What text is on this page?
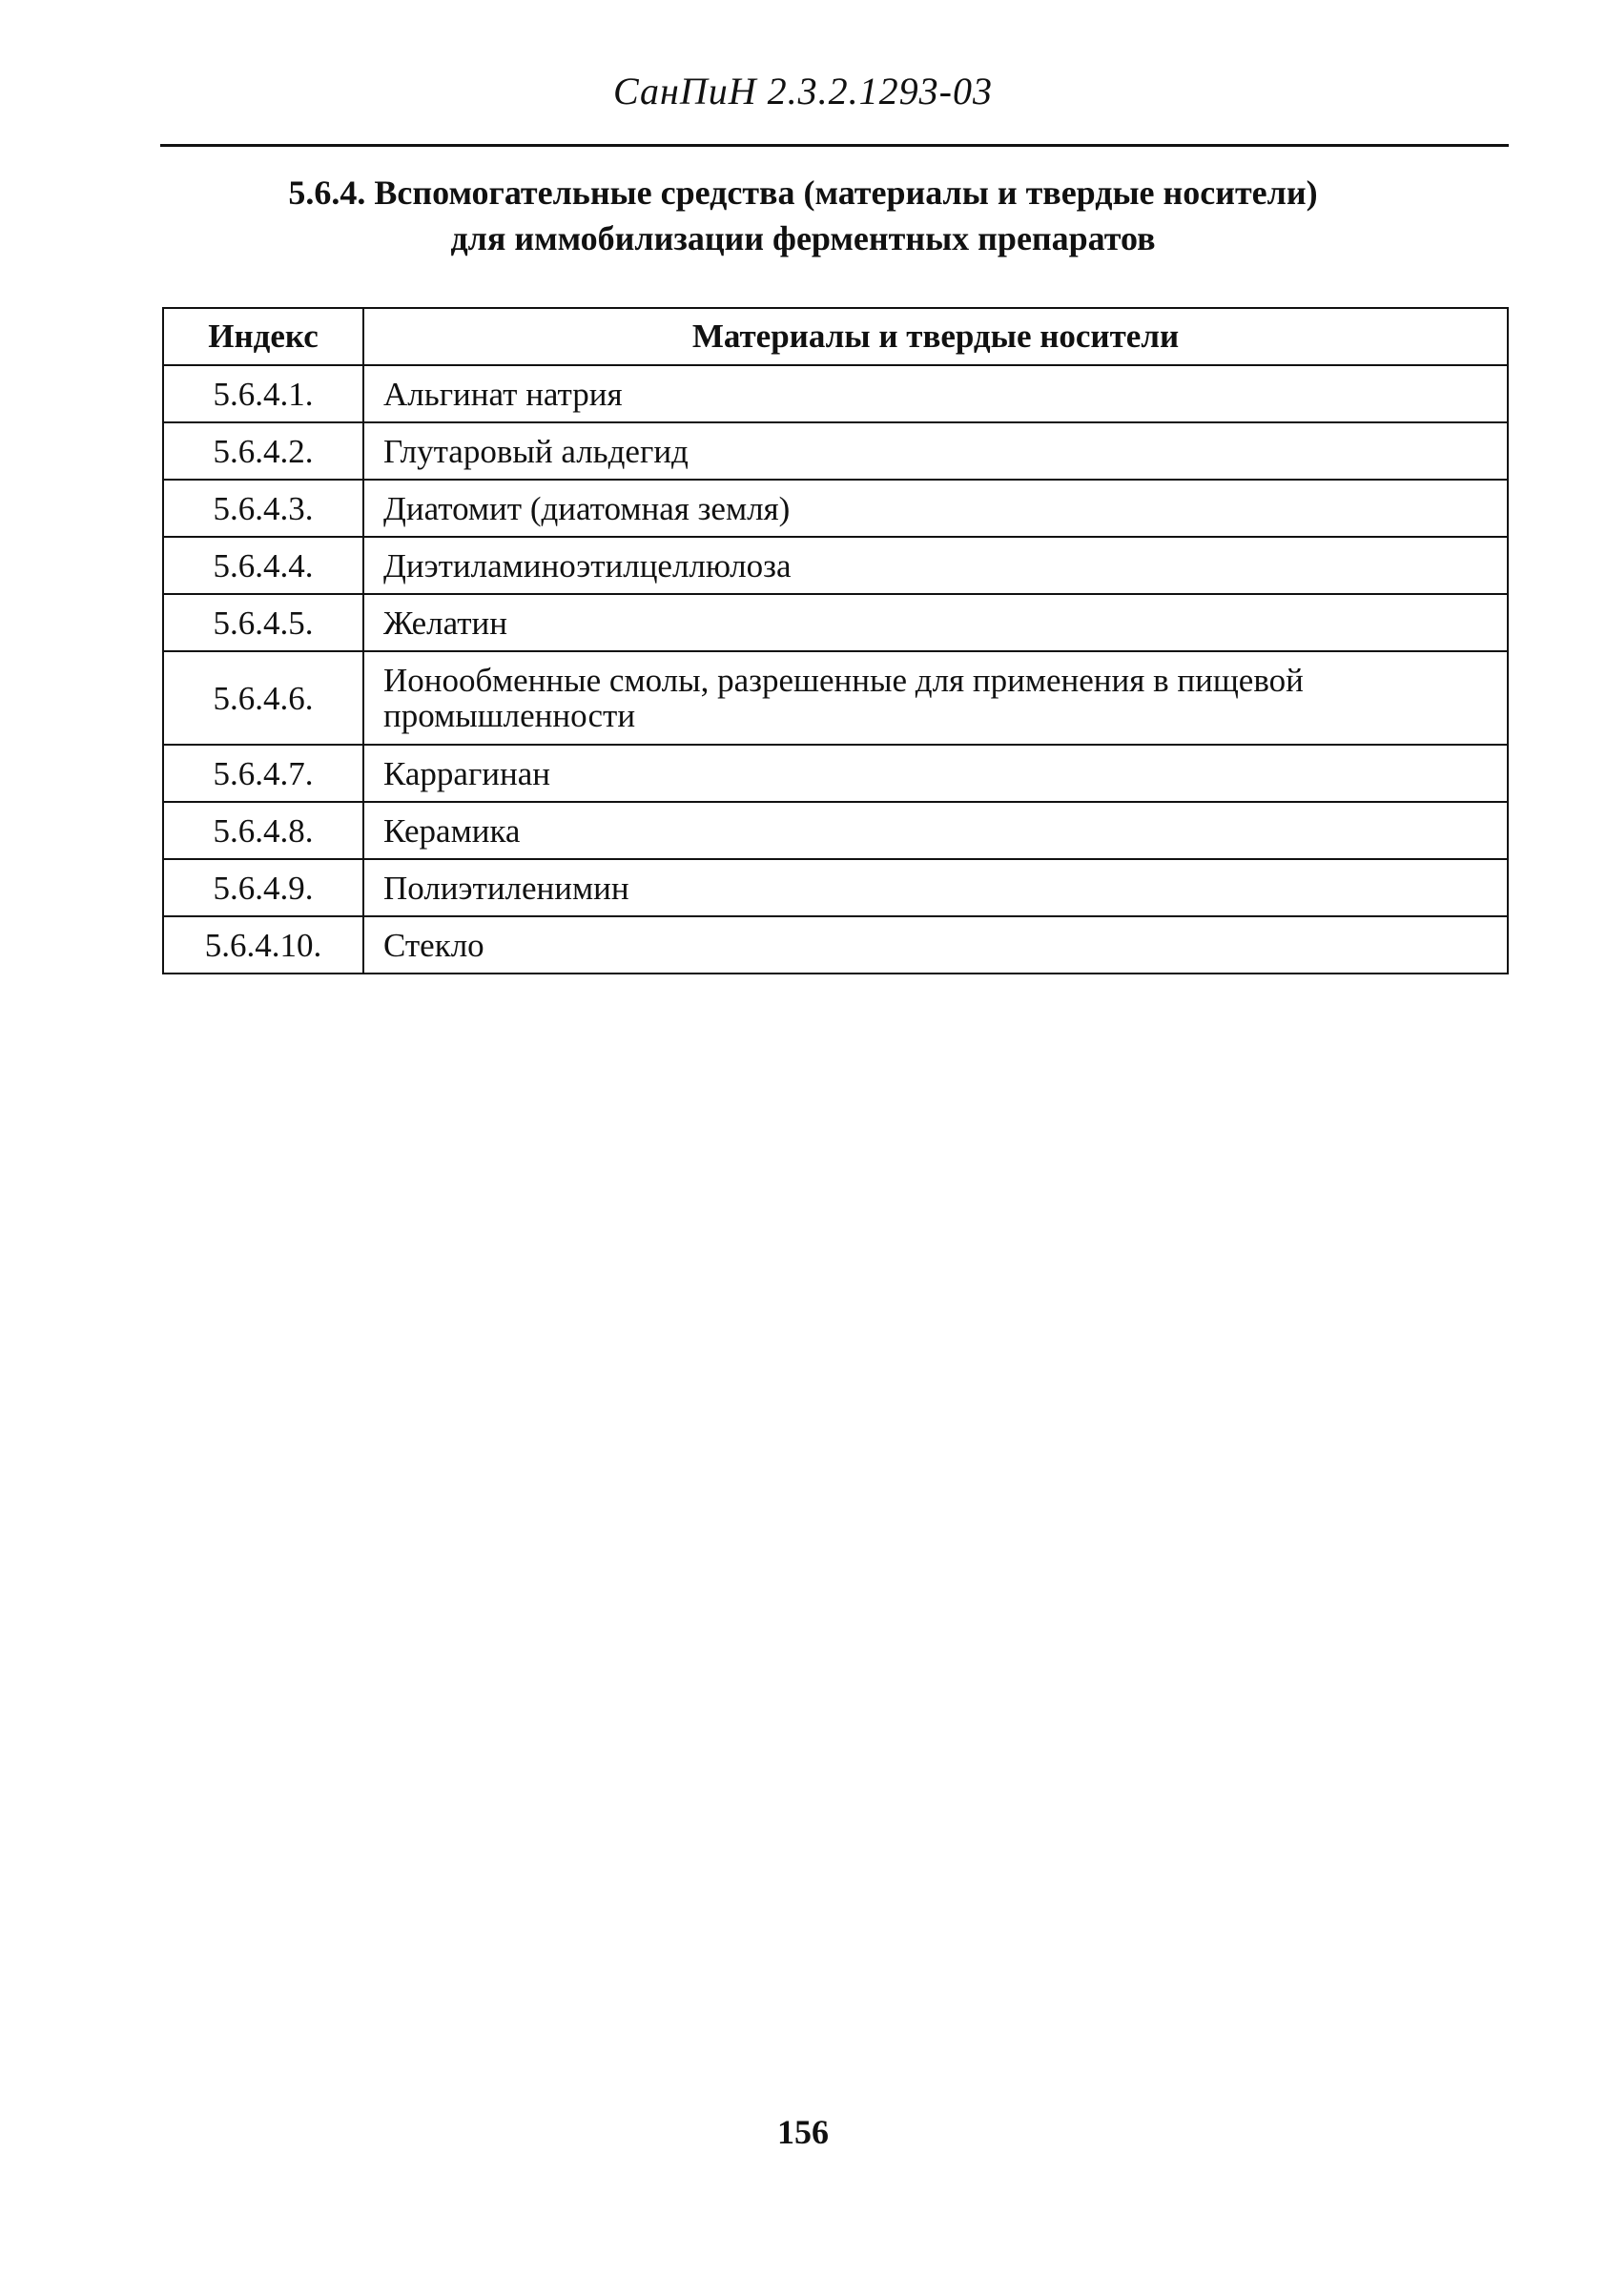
СанПиН 2.3.2.1293-03
5.6.4. Вспомогательные средства (материалы и твердые носители)
для иммобилизации ферментных препаратов
Индекс	Материалы и твердые носители
5.6.4.1.	Альгинат натрия
5.6.4.2.	Глутаровый альдегид
5.6.4.3.	Диатомит (диатомная земля)
5.6.4.4.	Диэтиламиноэтилцеллюлоза
5.6.4.5.	Желатин
5.6.4.6.	Ионообменные смолы, разрешенные для применения в пищевой промышленности
5.6.4.7.	Каррагинан
5.6.4.8.	Керамика
5.6.4.9.	Полиэтиленимин
5.6.4.10.	Стекло
156
